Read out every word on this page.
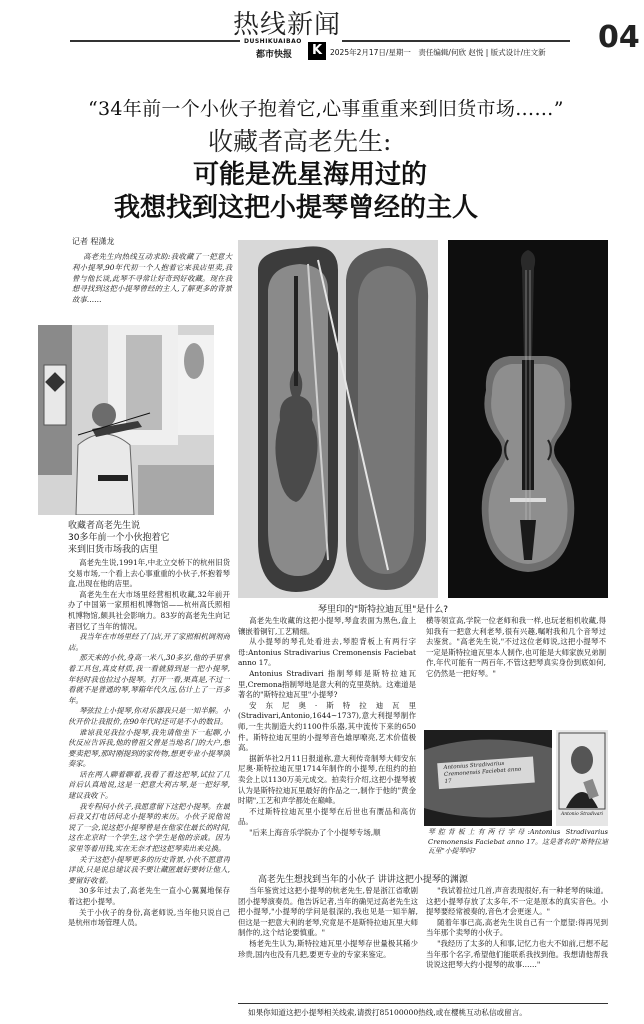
热线新闻
DUSHIKUAIBAO
都市快报	K	2025年2月17日/星期一　责任编辑/何欣 赵悦 | 版式设计/庄文新 04
“34年前一个小伙子抱着它,心事重重来到旧货市场……”
收藏者高老先生:
可能是冼星海用过的
我想找到这把小提琴曾经的主人
记者 程潇龙

高老先生向热线互动求助:我收藏了一把意大利小提琴,90年代初一个人抱着它来我店里卖,我曾与他长谈,此琴不寻常让好奇到好收藏。现在我想寻找到这把小提琴曾经的主人,了解更多的背景故事……

收藏者高老先生说
30多年前一个小伙抱着它
来到旧货市场我的店里

高老先生说,1991年,中北立交桥下的杭州旧货交易市场,一个看上去心事重重的小伙子,怀抱着琴盒,出现在他的店里。

高老先生在大市场里经营相机收藏,32年前开办了中国第一家照相机博物馆——杭州高氏照相机博物馆,颇具社会影响力。83岁的高老先生向记者回忆了当年的情况。

我当年在市场里经了门店,开了家照相机调剂商店。

那天来的小伙,身高一米八,30多岁,他的手里拿着工具包,真皮材质,我一看就猜到是一把小提琴,年轻时我也拉过小提琴。打开一看,果真是,不过一看就不是普通的琴,琴箱年代久远,估计上了一百多年。

琴弦拉上小提琴,你对乐器我只是一知半解。小伙开价让我报价,在90年代时还可是不小的数目。

谁谅我见我拉小提琴,我先请他坐下一起聊,小伙反应告诉我,他的曾祖父曾是当地名门的大户,想要卖把琴,那时刚提到的家传物,想更专业小提琴演奏家。

话在两人聊着聊着,我看了看这把琴,试拉了几首后认真地说,这是一把意大利古琴,是一把好琴,建议我收下。

我专程问小伙子,我愿意留下这把小提琴。在最后我又打电话问北小提琴的来历。小伙子说他说说了一会,说这把小提琴曾是在他家住最长的时间,这在北京时一个学生,这个学生是他的亲戚。因为家里等着用钱,实在无奈才把这把琴卖出来兑换。

关于这把小提琴更多的历史背景,小伙不愿意再详谈,只是说总建议我不要让藏匿最好要转让他人,要留好收着。

30多年过去了,高老先生一直小心翼翼地保存着这把小提琴。

关于小伙子的身份,高老师说,当年他只说自己是杭州市场管理人员。

琴里印的"斯特拉迪瓦里"是什么?

高老先生收藏的这把小提琴,琴盒表面为黑色,盒上镶嵌着铜钉,工艺精细。

从小提琴的琴孔处看进去,琴腔背板上有两行字母:Antonius Stradivarius Cremonensis Faciebat anno 17。

Antonius Stradivari 指制琴师是斯特拉迪瓦里,Cremona指制琴地是意大利的克里莫纳。这难道是著名的"斯特拉迪瓦里"小提琴?

安东尼奥·斯特拉迪瓦里(Stradivari,Antonio,1644~1737),意大利提琴制作师,一生共制造大约1100件乐器,其中流传下来的650件。斯特拉迪瓦里的小提琴音色雄厚嘹亮,艺术价值极高。

据新华社2月11日报道称,意大利传奇制琴大师安东尼奥·斯特拉迪瓦里1714年制作的小提琴,在纽约的拍卖会上以1130万美元成交。拍卖行介绍,这把小提琴被认为是斯特拉迪瓦里最好的作品之一,制作于他的"黄金时期",工艺和声学都处在巅峰。

不过斯特拉迪瓦里小提琴在后世也有赝品和高仿品。

"后来上海音乐学院办了个小提琴专场,顺

横等领宣高,学院一位老师和我一样,也玩老相机收藏,得知我有一把意大利老琴,很有兴趣,嘱咐我和几个音琴过去鉴赏。"高老先生说,"不过这位老师说,这把小提琴不一定是斯特拉迪瓦里本人制作,也可能是大师家族兄弟制作,年代可能有一两百年,不管这把琴真实身份到底如何,它仍然是一把好琴。"

Antonius Stradivarius Cremonensis Faciebat anno 17
Antonio Stradivari
琴腔背板上有两行字母:Antonius Stradivarius Cremonensis Faciebat anno 17。这是著名的"斯特拉迪瓦里"小提琴吗?
高老先生想找到当年的小伙子 讲讲这把小提琴的渊源

当年鉴赏过这把小提琴的杭老先生,曾是浙江省歌剧团小提琴演奏员。他告诉记者,当年的确见过高老先生这把小提琴,"小提琴的学问是很深的,我也见是一知半解,但这是一把意大利的老琴,究竟是不是斯特拉迪瓦里大师制作的,这个结论要慎重。"

杨老先生认为,斯特拉迪瓦里小提琴存世量极其稀少珍贵,国内也没有几把,要更专业的专家来鉴定。

"我试着拉过几首,声音表现很好,有一种老琴的味道。这把小提琴存放了太多年,不一定是原本的真实音色。小提琴要经常被奏的,音色才会更迷人。"

随着年事已高,高老先生说自己有一个愿望:得再见到当年那个卖琴的小伙子。

"我经历了太多的人和事,记忆力也大不如前,已想不起当年那个名字,希望他们能联系我找到他。我想请他帮我说说这把琴大约小提琴的故事……"

如果你知道这把小提琴相关线索,请拨打85100000热线,或在樱桃互动私信或留言。
